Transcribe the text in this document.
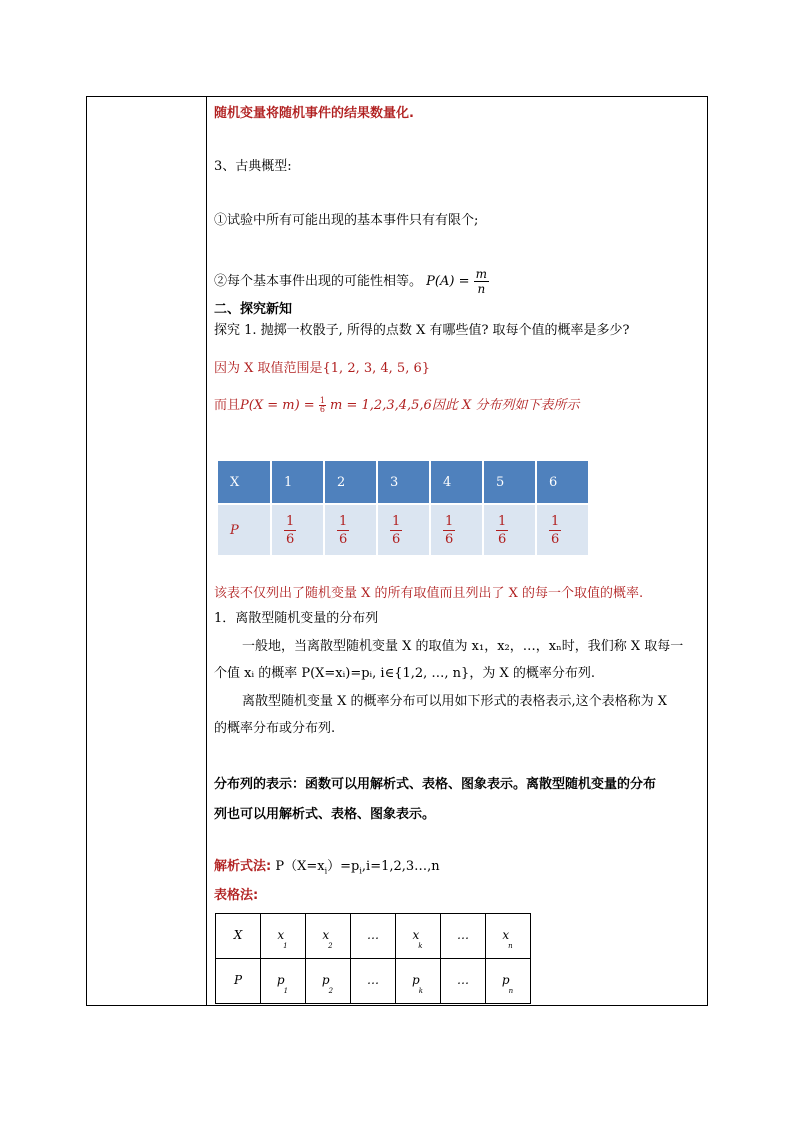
随机变量将随机事件的结果数量化.
3、古典概型:
①试验中所有可能出现的基本事件只有有限个;
②每个基本事件出现的可能性相等。 $P(A) = \frac{m}{n}$
二、探究新知
探究 1. 抛掷一枚骰子, 所得的点数 X 有哪些值? 取每个值的概率是多少?
因为 X 取值范围是{1, 2, 3, 4, 5, 6}
而且$P(X = m) = \frac{1}{6}$ m = 1,2,3,4,5,6因此 X 分布列如下表所示
X	1	2	3	4	5	6
P	$\frac{1}{6}$	$\frac{1}{6}$	$\frac{1}{6}$	$\frac{1}{6}$	$\frac{1}{6}$	$\frac{1}{6}$
该表不仅列出了随机变量 X 的所有取值而且列出了 X 的每一个取值的概率.
1．离散型随机变量的分布列
一般地，当离散型随机变量 X 的取值为 x₁，x₂，…，xₙ时，我们称 X 取每一
个值 xᵢ 的概率 P(X=xᵢ)=pᵢ, i∈{1,2, …, n}，为 X 的概率分布列.
离散型随机变量 X 的概率分布可以用如下形式的表格表示,这个表格称为 X
的概率分布或分布列.
分布列的表示：函数可以用解析式、表格、图象表示。离散型随机变量的分布
列也可以用解析式、表格、图象表示。
解析式法: $P(X=x_i)=p_i,i=1,2,3\dots,n$
表格法:
X	$x_1$	$x_2$	…	$x_k$	…	$x_n$
P	$p_1$	$p_2$	…	$p_k$	…	$p_n$
